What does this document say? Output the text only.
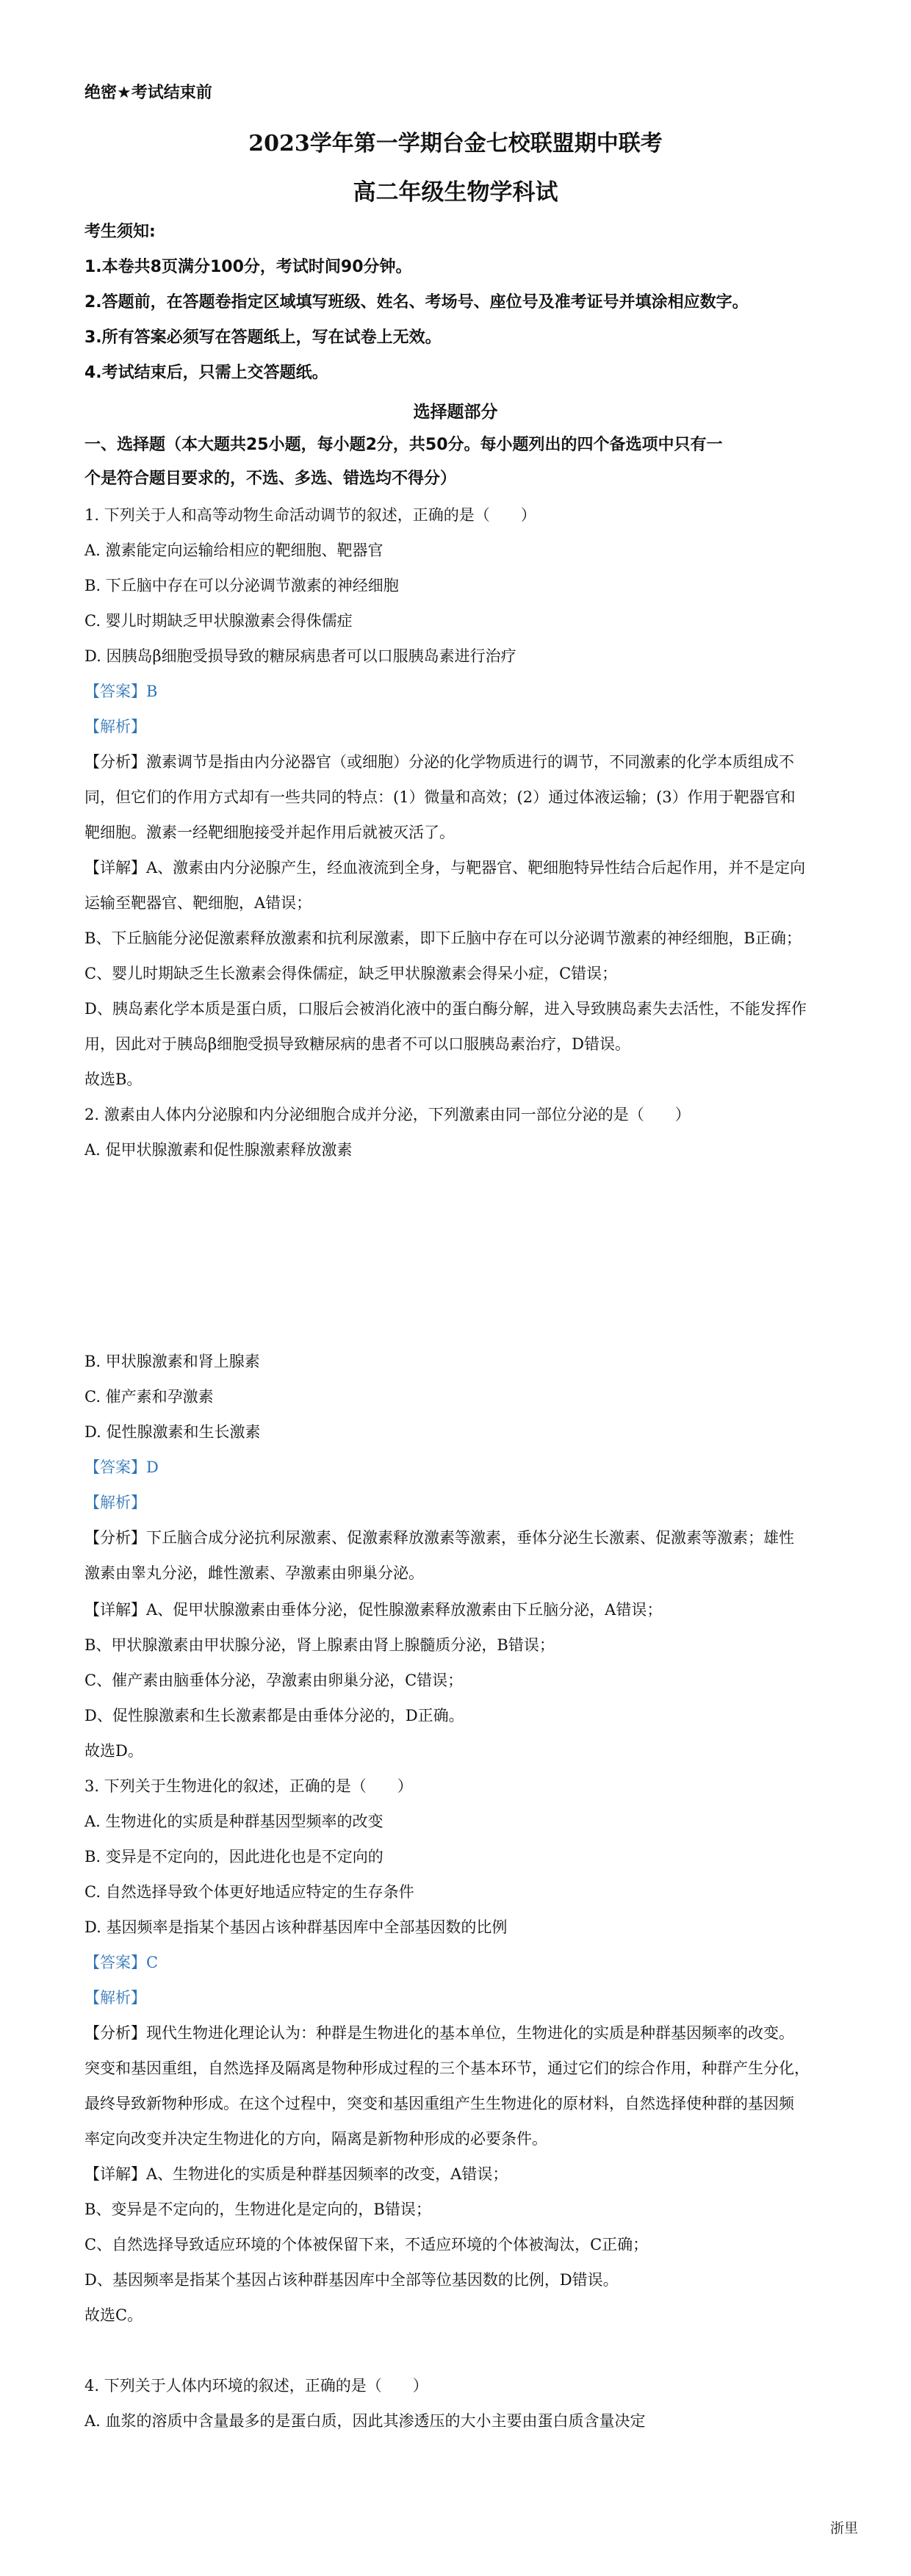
绝密★考试结束前
2023学年第一学期台金七校联盟期中联考
高二年级生物学科试
考生须知:
1.本卷共8页满分100分，考试时间90分钟。
2.答题前，在答题卷指定区域填写班级、姓名、考场号、座位号及准考证号并填涂相应数字。
3.所有答案必须写在答题纸上，写在试卷上无效。
4.考试结束后，只需上交答题纸。
选择题部分
一、选择题（本大题共25小题，每小题2分，共50分。每小题列出的四个备选项中只有一
个是符合题目要求的，不选、多选、错选均不得分）
1. 下列关于人和高等动物生命活动调节的叙述，正确的是（　　）
A. 激素能定向运输给相应的靶细胞、靶器官
B. 下丘脑中存在可以分泌调节激素的神经细胞
C. 婴儿时期缺乏甲状腺激素会得侏儒症
D. 因胰岛β细胞受损导致的糖尿病患者可以口服胰岛素进行治疗
【答案】B
【解析】
【分析】激素调节是指由内分泌器官（或细胞）分泌的化学物质进行的调节，不同激素的化学本质组成不
同，但它们的作用方式却有一些共同的特点：(1）微量和高效；(2）通过体液运输；(3）作用于靶器官和
靶细胞。激素一经靶细胞接受并起作用后就被灭活了。
【详解】A、激素由内分泌腺产生，经血液流到全身，与靶器官、靶细胞特异性结合后起作用，并不是定向
运输至靶器官、靶细胞，A错误；
B、下丘脑能分泌促激素释放激素和抗利尿激素，即下丘脑中存在可以分泌调节激素的神经细胞，B正确；
C、婴儿时期缺乏生长激素会得侏儒症，缺乏甲状腺激素会得呆小症，C错误；
D、胰岛素化学本质是蛋白质，口服后会被消化液中的蛋白酶分解，进入导致胰岛素失去活性，不能发挥作
用，因此对于胰岛β细胞受损导致糖尿病的患者不可以口服胰岛素治疗，D错误。
故选B。
2. 激素由人体内分泌腺和内分泌细胞合成并分泌，下列激素由同一部位分泌的是（　　）
A. 促甲状腺激素和促性腺激素释放激素
B. 甲状腺激素和肾上腺素
C. 催产素和孕激素
D. 促性腺激素和生长激素
【答案】D
【解析】
【分析】下丘脑合成分泌抗利尿激素、促激素释放激素等激素，垂体分泌生长激素、促激素等激素；雄性
激素由睾丸分泌，雌性激素、孕激素由卵巢分泌。
【详解】A、促甲状腺激素由垂体分泌，促性腺激素释放激素由下丘脑分泌，A错误；
B、甲状腺激素由甲状腺分泌，肾上腺素由肾上腺髓质分泌，B错误；
C、催产素由脑垂体分泌，孕激素由卵巢分泌，C错误；
D、促性腺激素和生长激素都是由垂体分泌的，D正确。
故选D。
3. 下列关于生物进化的叙述，正确的是（　　）
A. 生物进化的实质是种群基因型频率的改变
B. 变异是不定向的，因此进化也是不定向的
C. 自然选择导致个体更好地适应特定的生存条件
D. 基因频率是指某个基因占该种群基因库中全部基因数的比例
【答案】C
【解析】
【分析】现代生物进化理论认为：种群是生物进化的基本单位，生物进化的实质是种群基因频率的改变。
突变和基因重组，自然选择及隔离是物种形成过程的三个基本环节，通过它们的综合作用，种群产生分化，
最终导致新物种形成。在这个过程中，突变和基因重组产生生物进化的原材料，自然选择使种群的基因频
率定向改变并决定生物进化的方向，隔离是新物种形成的必要条件。
【详解】A、生物进化的实质是种群基因频率的改变，A错误；
B、变异是不定向的，生物进化是定向的，B错误；
C、自然选择导致适应环境的个体被保留下来，不适应环境的个体被淘汰，C正确；
D、基因频率是指某个基因占该种群基因库中全部等位基因数的比例，D错误。
故选C。
4. 下列关于人体内环境的叙述，正确的是（　　）
A. 血浆的溶质中含量最多的是蛋白质，因此其渗透压的大小主要由蛋白质含量决定
浙里
